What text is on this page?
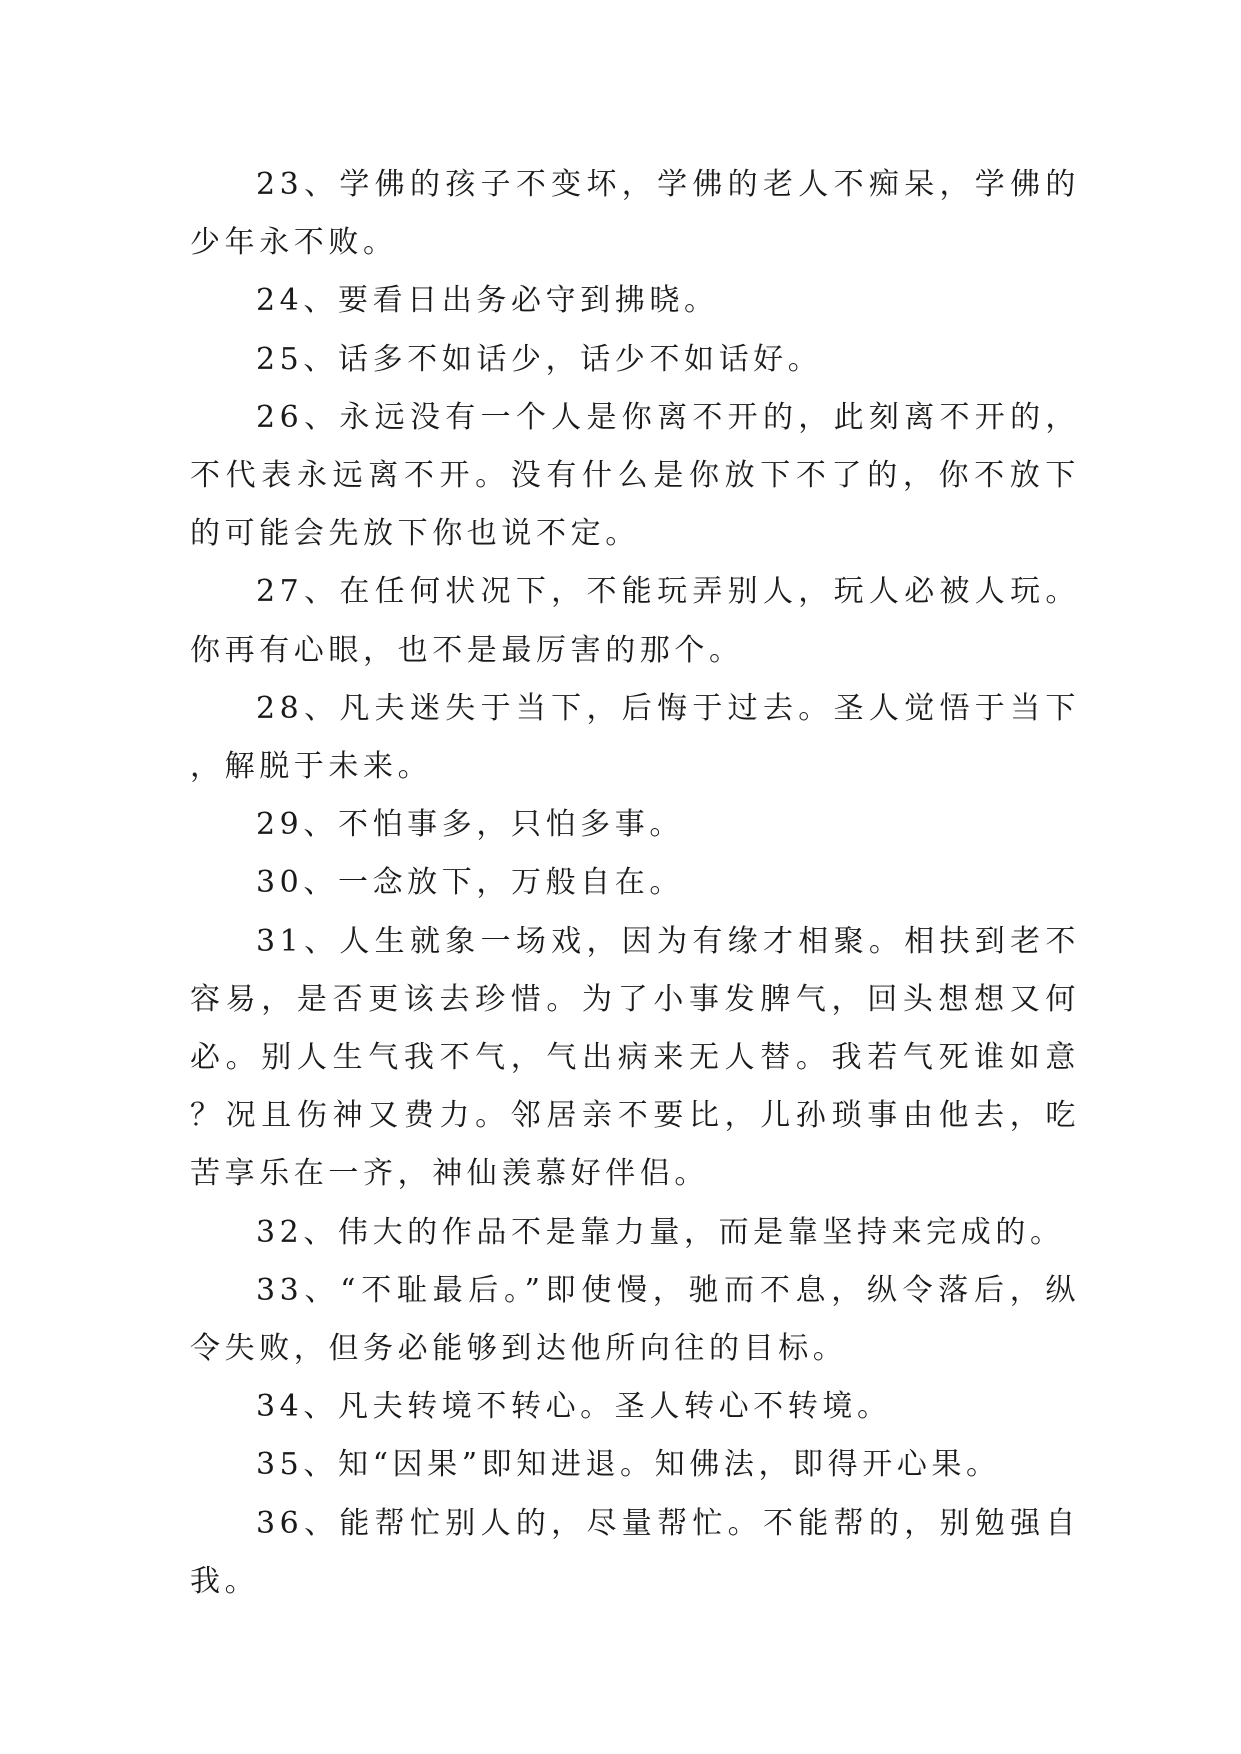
23、学佛的孩子不变坏，学佛的老人不痴呆，学佛的少年永不败。

24、要看日出务必守到拂晓。

25、话多不如话少，话少不如话好。

26、永远没有一个人是你离不开的，此刻离不开的，不代表永远离不开。没有什么是你放下不了的，你不放下的可能会先放下你也说不定。

27、在任何状况下，不能玩弄别人，玩人必被人玩。你再有心眼，也不是最厉害的那个。

28、凡夫迷失于当下，后悔于过去。圣人觉悟于当下，解脱于未来。

29、不怕事多，只怕多事。

30、一念放下，万般自在。

31、人生就象一场戏，因为有缘才相聚。相扶到老不容易，是否更该去珍惜。为了小事发脾气，回头想想又何必。别人生气我不气，气出病来无人替。我若气死谁如意？况且伤神又费力。邻居亲不要比，儿孙琐事由他去，吃苦享乐在一齐，神仙羡慕好伴侣。

32、伟大的作品不是靠力量，而是靠坚持来完成的。

33、“不耻最后。”即使慢，驰而不息，纵令落后，纵令失败，但务必能够到达他所向往的目标。

34、凡夫转境不转心。圣人转心不转境。

35、知“因果”即知进退。知佛法，即得开心果。

36、能帮忙别人的，尽量帮忙。不能帮的，别勉强自我。
